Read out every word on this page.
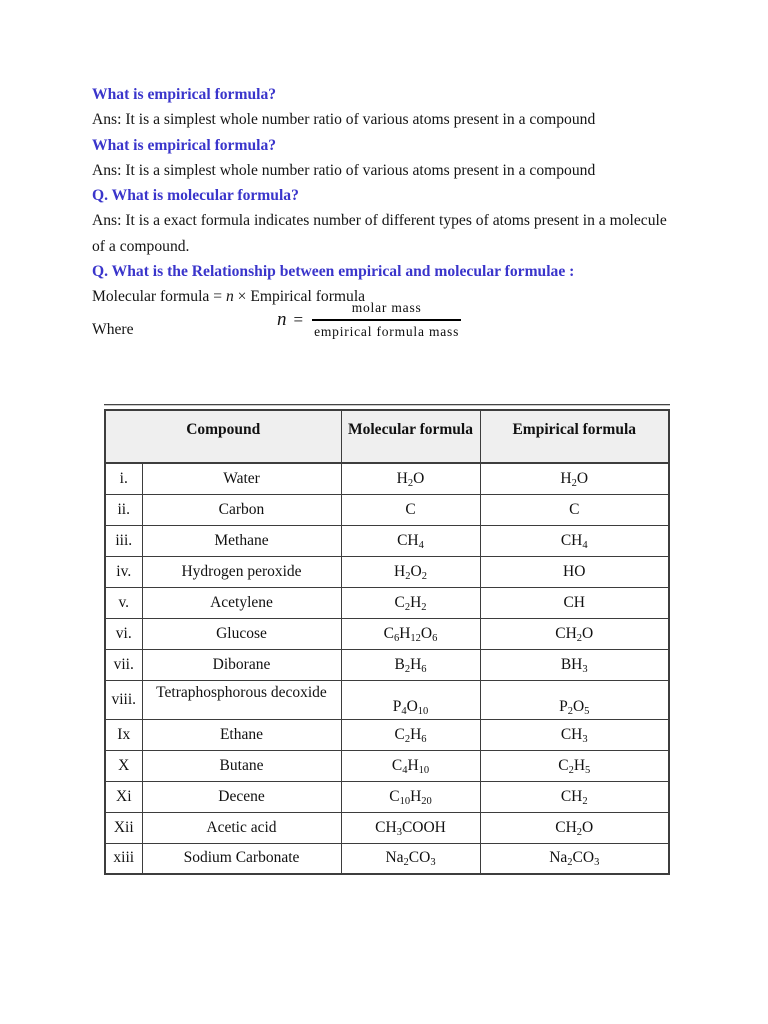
What is empirical formula?
Ans: It is a simplest whole number ratio of various atoms present in a compound
What is empirical formula?
Ans: It is a simplest whole number ratio of various atoms present in a compound
Q. What is molecular formula?
Ans: It is a exact formula indicates number of different types of atoms present in a molecule
of a compound.
Q. What is the Relationship between empirical and molecular formulae :
Molecular formula = n × Empirical formula
Where	$n = \frac{\text{molar mass}}{\text{empirical formula mass}}$
Compound		Molecular formula	Empirical formula
i.	Water	$H_2O$	$H_2O$
ii.	Carbon	C	C
iii.	Methane	$CH_4$	$CH_4$
iv.	Hydrogen peroxide	$H_2O_2$	HO
v.	Acetylene	$C_2H_2$	CH
vi.	Glucose	$C_6H_{12}O_6$	$CH_2O$
vii.	Diborane	$B_2H_6$	$BH_3$
viii.	Tetraphosphorous decoxide	$P_4O_{10}$	$P_2O_5$
Ix	Ethane	$C_2H_6$	$CH_3$
X	Butane	$C_4H_{10}$	$C_2H_5$
Xi	Decene	$C_{10}H_{20}$	$CH_2$
Xii	Acetic acid	$CH_3COOH$	$CH_2O$
xiii	Sodium Carbonate	$Na_2CO_3$	$Na_2CO_3$
